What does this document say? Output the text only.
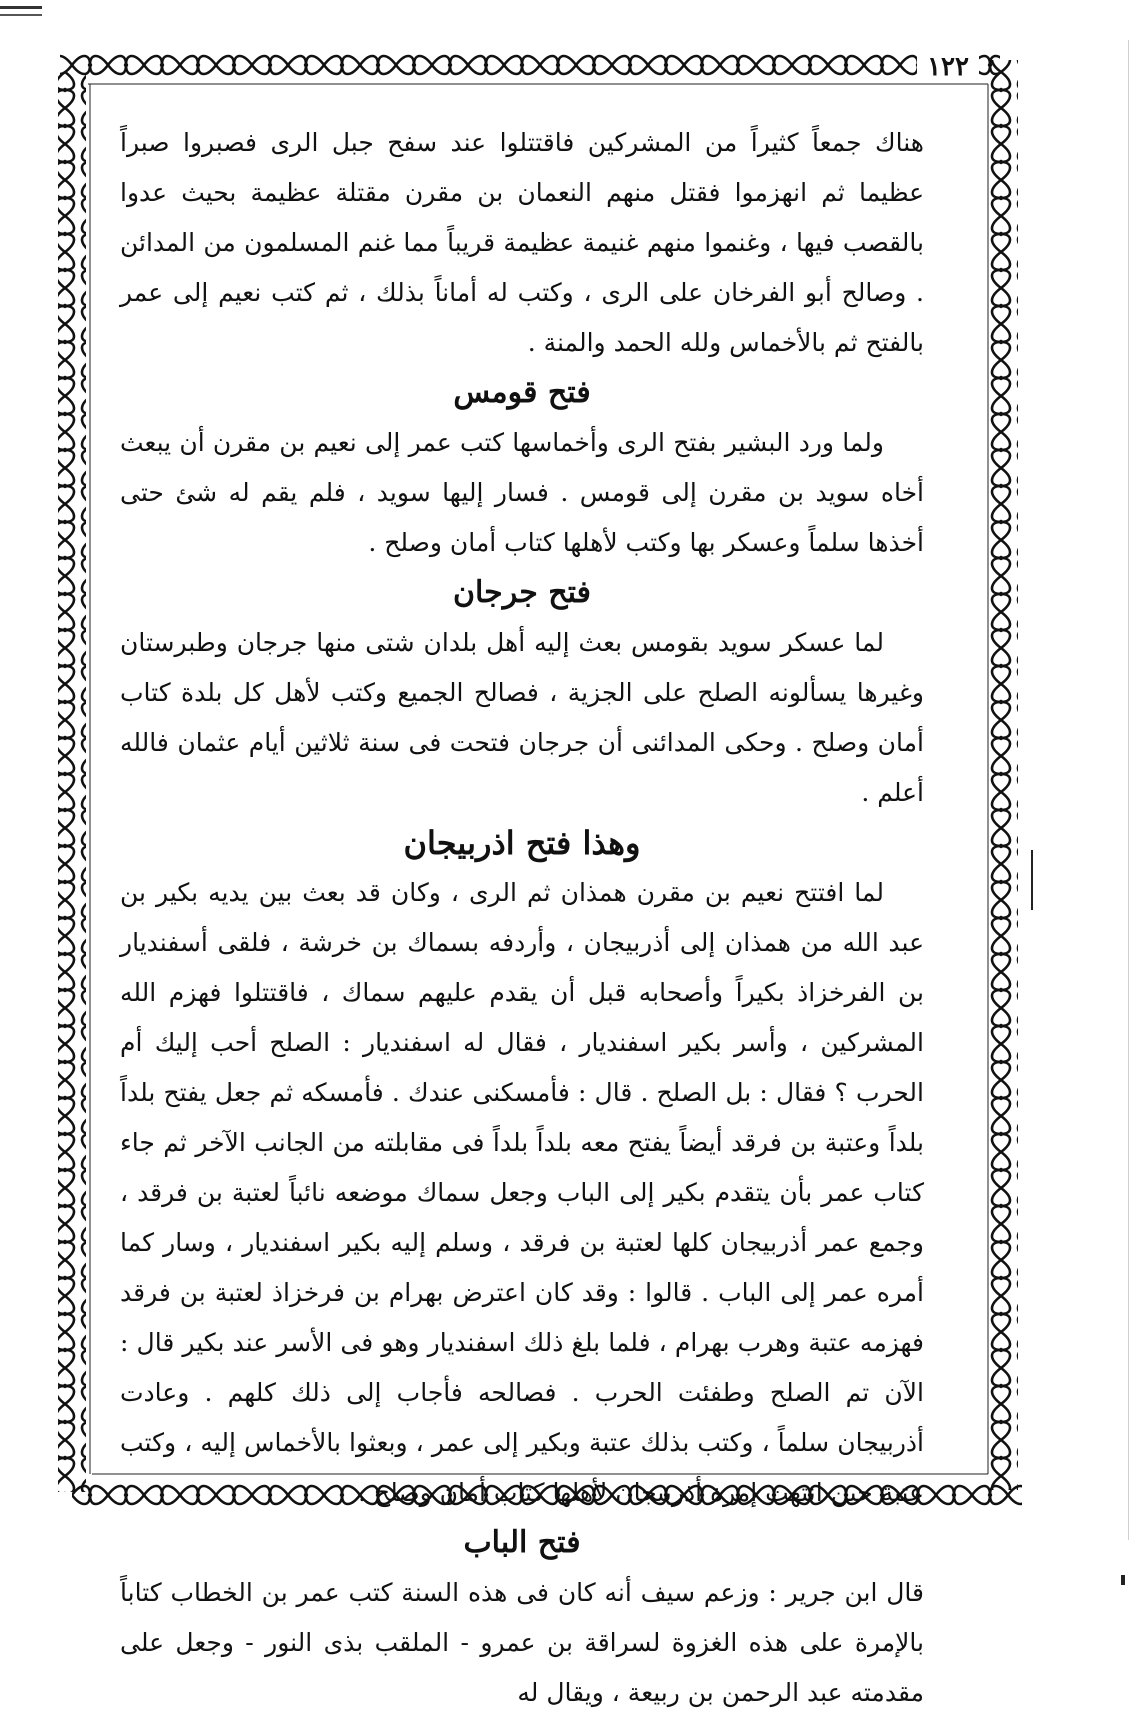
١٢٢

هناك جمعاً كثيراً من المشركين فاقتتلوا عند سفح جبل الرى فصبروا صبراً عظيما ثم انهزموا فقتل منهم النعمان بن مقرن مقتلة عظيمة بحيث عدوا بالقصب فيها ، وغنموا منهم غنيمة عظيمة قريباً مما غنم المسلمون من المدائن . وصالح أبو الفرخان على الرى ، وكتب له أماناً بذلك ، ثم كتب نعيم إلى عمر بالفتح ثم بالأخماس ولله الحمد والمنة .

فتح قومس

ولما ورد البشير بفتح الرى وأخماسها كتب عمر إلى نعيم بن مقرن أن يبعث أخاه سويد بن مقرن إلى قومس . فسار إليها سويد ، فلم يقم له شئ حتى أخذها سلماً وعسكر بها وكتب لأهلها كتاب أمان وصلح .

فتح جرجان

لما عسكر سويد بقومس بعث إليه أهل بلدان شتى منها جرجان وطبرستان وغيرها يسألونه الصلح على الجزية ، فصالح الجميع وكتب لأهل كل بلدة كتاب أمان وصلح . وحكى المدائنى أن جرجان فتحت فى سنة ثلاثين أيام عثمان فالله أعلم .

وهذا فتح اذربيجان

لما افتتح نعيم بن مقرن همذان ثم الرى ، وكان قد بعث بين يديه بكير بن عبد الله من همذان إلى أذربيجان ، وأردفه بسماك بن خرشة ، فلقى أسفنديار بن الفرخزاذ بكيراً وأصحابه قبل أن يقدم عليهم سماك ، فاقتتلوا فهزم الله المشركين ، وأسر بكير اسفنديار ، فقال له اسفنديار : الصلح أحب إليك أم الحرب ؟ فقال : بل الصلح . قال : فأمسكنى عندك . فأمسكه ثم جعل يفتح بلداً بلداً وعتبة بن فرقد أيضاً يفتح معه بلداً بلداً فى مقابلته من الجانب الآخر ثم جاء كتاب عمر بأن يتقدم بكير إلى الباب وجعل سماك موضعه نائباً لعتبة بن فرقد ، وجمع عمر أذربيجان كلها لعتبة بن فرقد ، وسلم إليه بكير اسفنديار ، وسار كما أمره عمر إلى الباب . قالوا : وقد كان اعترض بهرام بن فرخزاذ لعتبة بن فرقد فهزمه عتبة وهرب بهرام ، فلما بلغ ذلك اسفنديار وهو فى الأسر عند بكير قال : الآن تم الصلح وطفئت الحرب . فصالحه فأجاب إلى ذلك كلهم . وعادت أذربيجان سلماً ، وكتب بذلك عتبة وبكير إلى عمر ، وبعثوا بالأخماس إليه ، وكتب عتبة حين انتهت إمرة أذربيجان لأهلها كتاب أمان وصلح .

فتح الباب

قال ابن جرير : وزعم سيف أنه كان فى هذه السنة كتب عمر بن الخطاب كتاباً بالإمرة على هذه الغزوة لسراقة بن عمرو - الملقب بذى النور - وجعل على مقدمته عبد الرحمن بن ربيعة ، ويقال له
